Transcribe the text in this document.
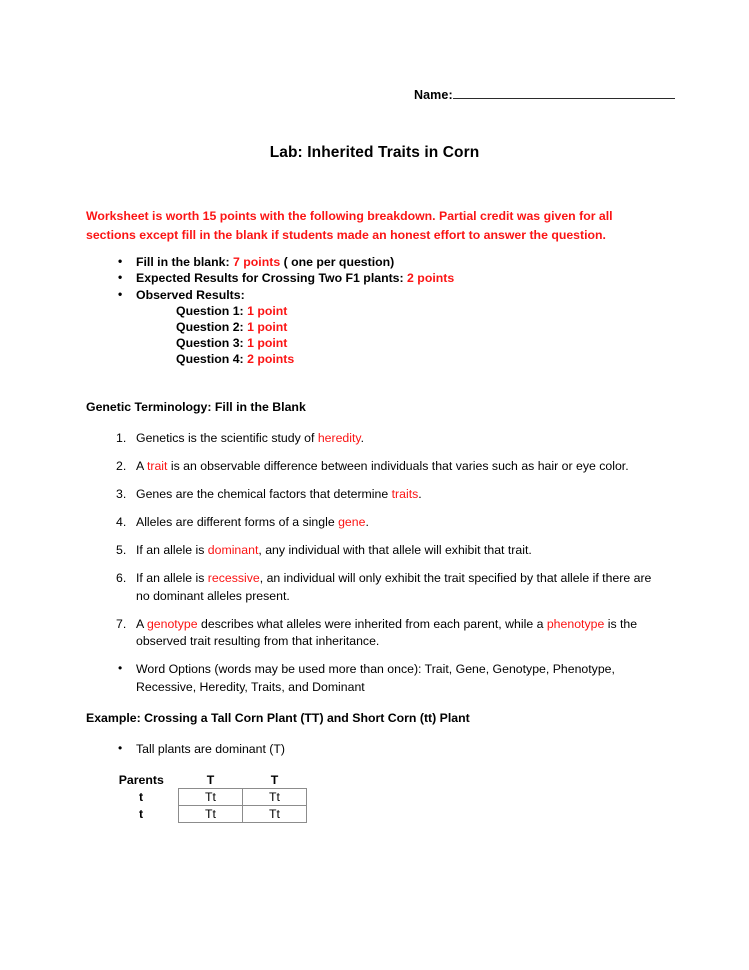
Name:
Lab: Inherited Traits in Corn

Worksheet is worth 15 points with the following breakdown. Partial credit was given for all sections except fill in the blank if students made an honest effort to answer the question.

• Fill in the blank: 7 points ( one per question)
• Expected Results for Crossing Two F1 plants: 2 points
• Observed Results:
Question 1: 1 point
Question 2: 1 point
Question 3: 1 point
Question 4: 2 points

Genetic Terminology: Fill in the Blank

Genetics is the scientific study of heredity.
A trait is an observable difference between individuals that varies such as hair or eye color.
Genes are the chemical factors that determine traits.
Alleles are different forms of a single gene.
If an allele is dominant, any individual with that allele will exhibit that trait.
If an allele is recessive, an individual will only exhibit the trait specified by that allele if there are no dominant alleles present.
A genotype describes what alleles were inherited from each parent, while a phenotype is the observed trait resulting from that inheritance.
• Word Options (words may be used more than once): Trait, Gene, Genotype, Phenotype, Recessive, Heredity, Traits, and Dominant

Example: Crossing a Tall Corn Plant (TT) and Short Corn (tt) Plant

• Tall plants are dominant (T)
Parents	T	T
t	Tt	Tt
t	Tt	Tt
